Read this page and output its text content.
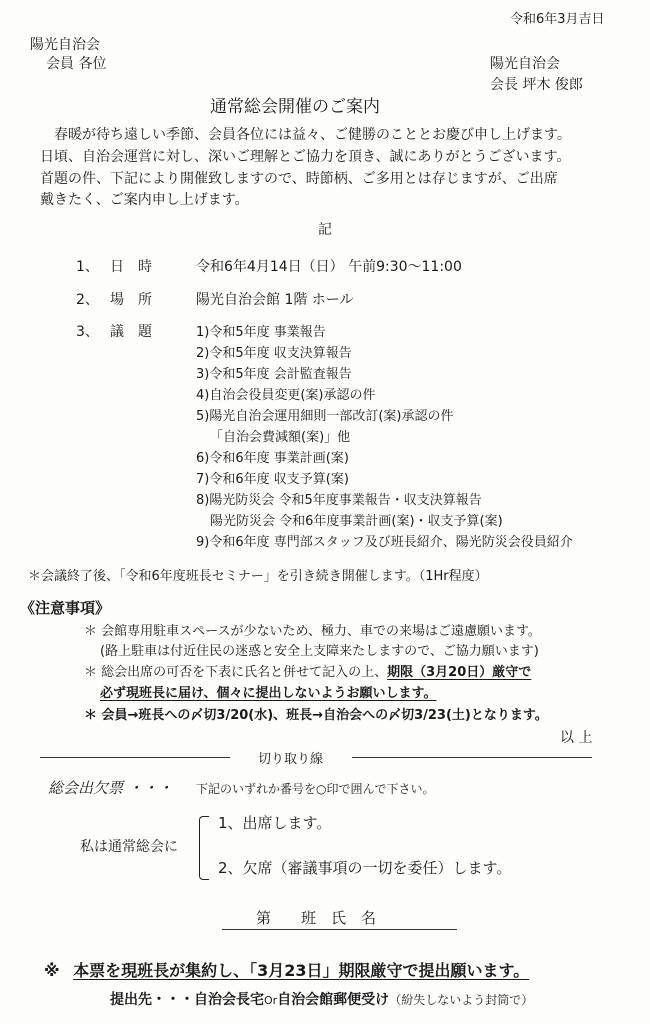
令和6年3月吉日
陽光自治会
会員 各位	陽光自治会
会長 坪木 俊郎
通常総会開催のご案内
春暖が待ち遠しい季節、会員各位には益々、ご健勝のこととお慶び申し上げます。
日頃、自治会運営に対し、深いご理解とご協力を頂き、誠にありがとうございます。
首題の件、下記により開催致しますので、時節柄、ご多用とは存じますが、ご出席
戴きたく、ご案内申し上げます。
記
1、 日　時	令和6年4月14日（日） 午前9:30〜11:00
2、 場　所	陽光自治会館 1階 ホール
3、 議　題	1)令和5年度 事業報告
2)令和5年度 収支決算報告
3)令和5年度 会計監査報告
4)自治会役員変更(案)承認の件
5)陽光自治会運用細則一部改訂(案)承認の件
「自治会費減額(案)」他
6)令和6年度 事業計画(案)
7)令和6年度 収支予算(案)
8)陽光防災会 令和5年度事業報告・収支決算報告
陽光防災会 令和6年度事業計画(案)・収支予算(案)
9)令和6年度 専門部スタッフ及び班長紹介、陽光防災会役員紹介
＊会議終了後、「令和6年度班長セミナー」を引き続き開催します。（1Hr程度）
《注意事項》
＊ 会館専用駐車スペースが少ないため、極力、車での来場はご遠慮願います。
(路上駐車は付近住民の迷惑と安全上支障来たしますので、ご協力願います)
＊ 総会出席の可否を下表に氏名と併せて記入の上、期限（3月20日）厳守で
必ず現班長に届け、個々に提出しないようお願いします。
＊ 会員→班長への〆切3/20(水)、班長→自治会への〆切3/23(土)となります。
以 上
切り取り線
総会出欠票 ・・・ 下記のいずれか番号を○印で囲んで下さい。
私は通常総会に
1、出席します。
2、欠席（審議事項の一切を委任）します。
第　　班　氏　名
※ 本票を現班長が集約し、「3月23日」期限厳守で提出願います。
提出先・・・自治会長宅Or自治会館郵便受け（紛失しないよう封筒で）
